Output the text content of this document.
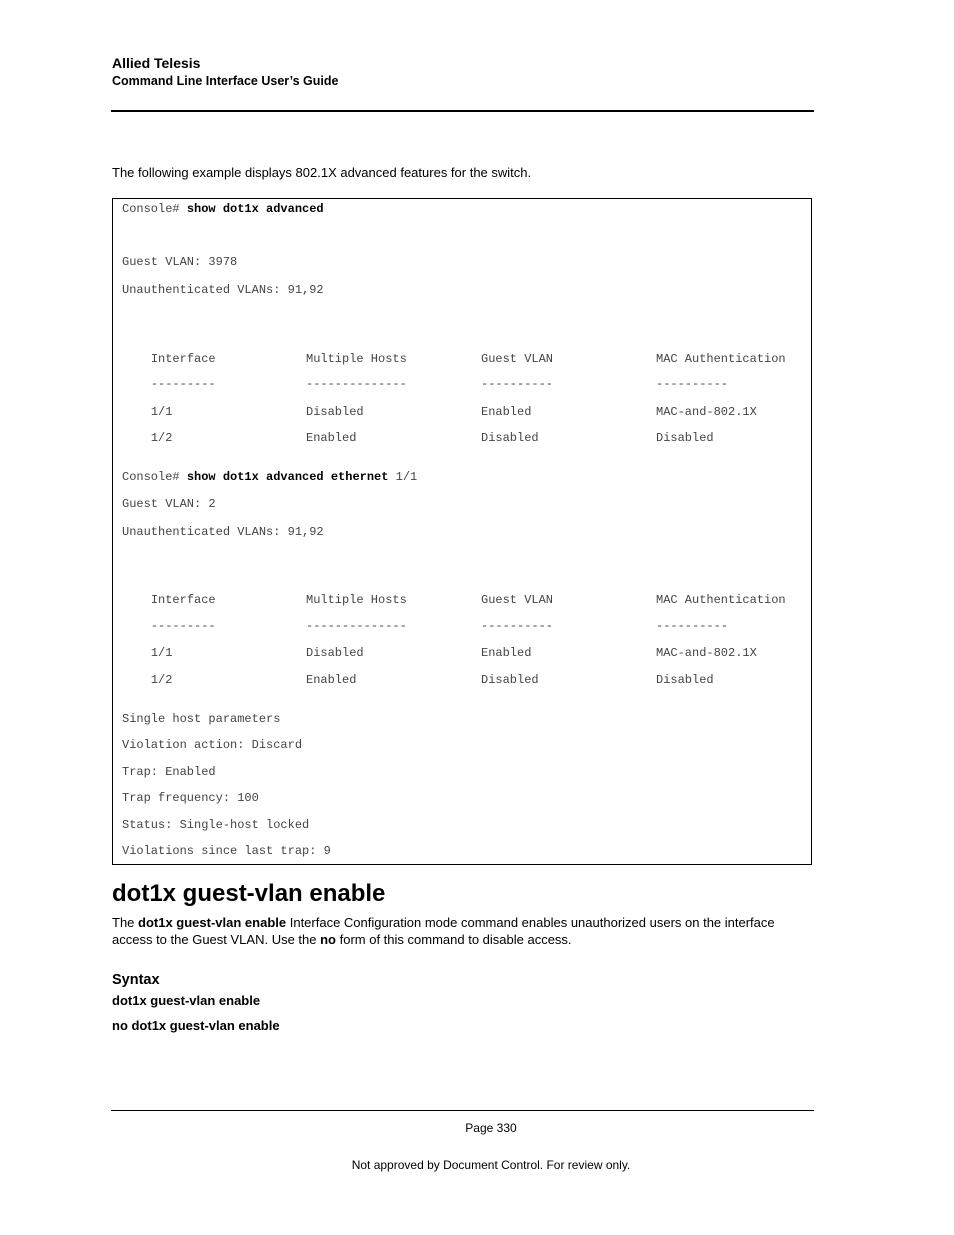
Allied Telesis
Command Line Interface User’s Guide
The following example displays 802.1X advanced features for the switch.
Console# show dot1x advanced
Guest VLAN: 3978
Unauthenticated VLANs: 91,92

Interface	Multiple Hosts	Guest VLAN	MAC Authentication

---------	--------------	----------	----------

1/1	Disabled	Enabled	MAC-and-802.1X

1/2	Enabled	Disabled	Disabled

Console# show dot1x advanced ethernet 1/1
Guest VLAN: 2
Unauthenticated VLANs: 91,92

Interface	Multiple Hosts	Guest VLAN	MAC Authentication

---------	--------------	----------	----------

1/1	Disabled	Enabled	MAC-and-802.1X

1/2	Enabled	Disabled	Disabled

Single host parameters
Violation action: Discard
Trap: Enabled
Trap frequency: 100
Status: Single-host locked
Violations since last trap: 9
dot1x guest-vlan enable
The dot1x guest-vlan enable Interface Configuration mode command enables unauthorized users on the interface access to the Guest VLAN. Use the no form of this command to disable access.
Syntax
dot1x guest-vlan enable
no dot1x guest-vlan enable
Page 330
Not approved by Document Control. For review only.
